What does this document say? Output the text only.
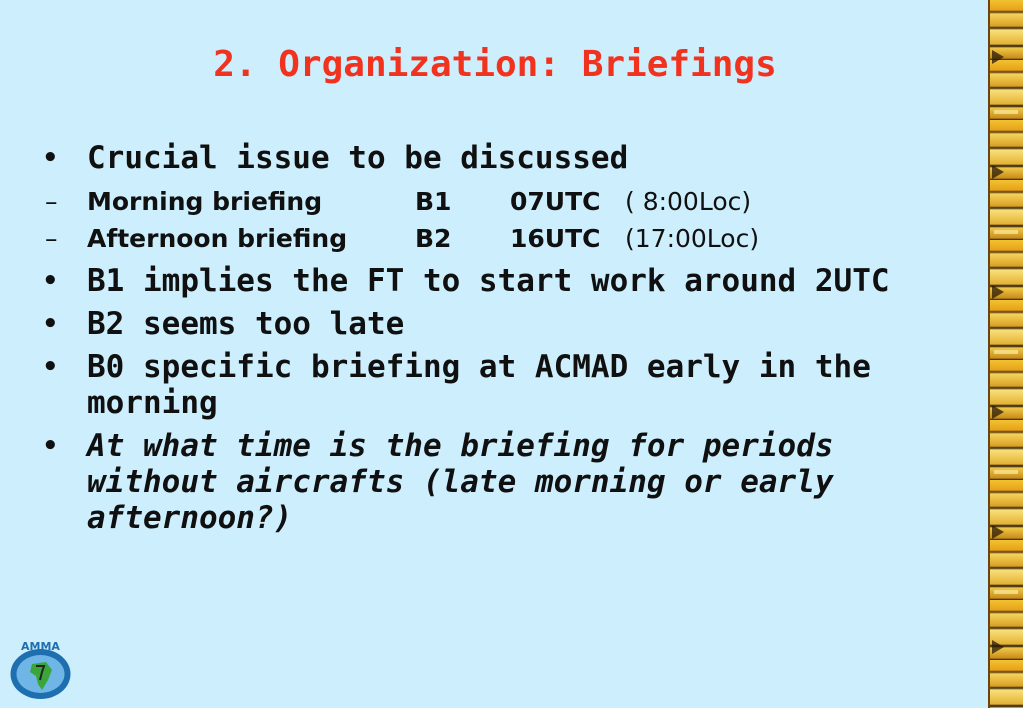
2. Organization: Briefings
• Crucial issue to be discussed
–	Morning briefing	B1 07UTC ( 8:00Loc)
–	Afternoon briefing	B2 16UTC (17:00Loc)
• B1 implies the FT to start work around 2UTC
• B2 seems too late
• B0 specific briefing at ACMAD early in the morning
• At what time is the briefing for periods without aircrafts (late morning or early afternoon?)
AMMA
